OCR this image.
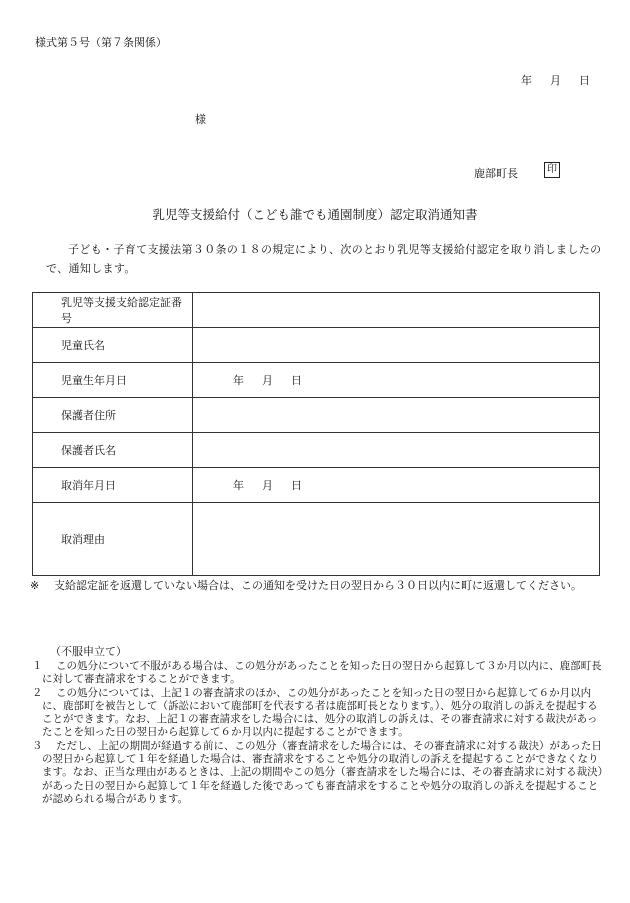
様式第５号（第７条関係）
年 月 日
様
鹿部町長	印
乳児等支援給付（こども誰でも通園制度）認定取消通知書
子ども・子育て支援法第３０条の１８の規定により、次のとおり乳児等支援給付認定を取り消しましたので、通知します。
乳児等支援支給認定証番号	
児童氏名	
児童生年月日	年 月 日
保護者住所	
保護者氏名	
取消年月日	年 月 日
取消理由	
※	支給認定証を返還していない場合は、この通知を受けた日の翌日から３０日以内に町に返還してください。
（不服申立て）
１	この処分について不服がある場合は、この処分があったことを知った日の翌日から起算して３か月以内に、鹿部町長に対して審査請求をすることができます。
２	この処分については、上記１の審査請求のほか、この処分があったことを知った日の翌日から起算して６か月以内に、鹿部町を被告として（訴訟において鹿部町を代表する者は鹿部町長となります。）、処分の取消しの訴えを提起することができます。なお、上記１の審査請求をした場合には、処分の取消しの訴えは、その審査請求に対する裁決があったことを知った日の翌日から起算して６か月以内に提起することができます。
３	ただし、上記の期間が経過する前に、この処分（審査請求をした場合には、その審査請求に対する裁決）があった日の翌日から起算して１年を経過した場合は、審査請求をすることや処分の取消しの訴えを提起することができなくなります。なお、正当な理由があるときは、上記の期間やこの処分（審査請求をした場合には、その審査請求に対する裁決）があった日の翌日から起算して１年を経過した後であっても審査請求をすることや処分の取消しの訴えを提起することが認められる場合があります。
